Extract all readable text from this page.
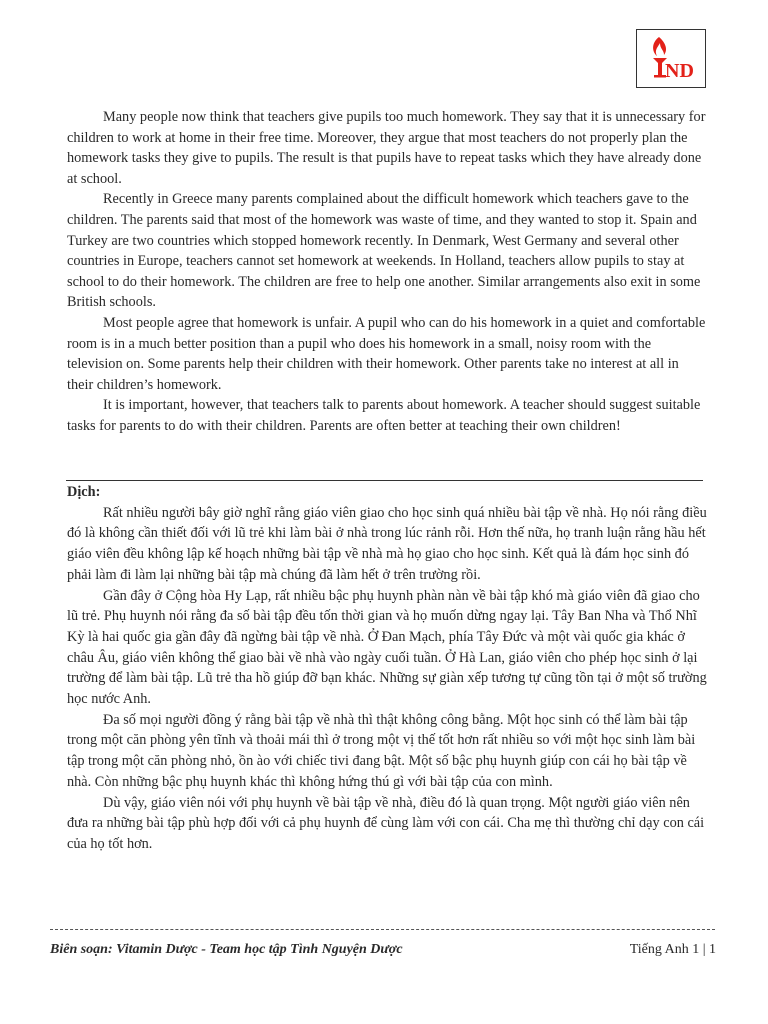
ND

Many people now think that teachers give pupils too much homework. They say that it is unnecessary for children to work at home in their free time. Moreover, they argue that most teachers do not properly plan the homework tasks they give to pupils. The result is that pupils have to repeat tasks which they have already done at school.

Recently in Greece many parents complained about the difficult homework which teachers gave to the children. The parents said that most of the homework was waste of time, and they wanted to stop it. Spain and Turkey are two countries which stopped homework recently. In Denmark, West Germany and several other countries in Europe, teachers cannot set homework at weekends. In Holland, teachers allow pupils to stay at school to do their homework. The children are free to help one another. Similar arrangements also exit in some British schools.

Most people agree that homework is unfair. A pupil who can do his homework in a quiet and comfortable room is in a much better position than a pupil who does his homework in a small, noisy room with the television on. Some parents help their children with their homework. Other parents take no interest at all in their children’s homework.

It is important, however, that teachers talk to parents about homework. A teacher should suggest suitable tasks for parents to do with their children. Parents are often better at teaching their own children!

Dịch:

Rất nhiều người bây giờ nghĩ rằng giáo viên giao cho học sinh quá nhiều bài tập về nhà. Họ nói rằng điều đó là không cần thiết đối với lũ trẻ khi làm bài ở nhà trong lúc rảnh rỗi. Hơn thế nữa, họ tranh luận rằng hầu hết giáo viên đều không lập kế hoạch những bài tập về nhà mà họ giao cho học sinh. Kết quả là đám học sinh đó phải làm đi làm lại những bài tập mà chúng đã làm hết ở trên trường rồi.

Gần đây ở Cộng hòa Hy Lạp, rất nhiều bậc phụ huynh phàn nàn về bài tập khó mà giáo viên đã giao cho lũ trẻ. Phụ huynh nói rằng đa số bài tập đều tốn thời gian và họ muốn dừng ngay lại. Tây Ban Nha và Thổ Nhĩ Kỳ là hai quốc gia gần đây đã ngừng bài tập về nhà. Ở Đan Mạch, phía Tây Đức và một vài quốc gia khác ở châu Âu, giáo viên không thể giao bài về nhà vào ngày cuối tuần. Ở Hà Lan, giáo viên cho phép học sinh ở lại trường để làm bài tập. Lũ trẻ tha hồ giúp đỡ bạn khác. Những sự giàn xếp tương tự cũng tồn tại ở một số trường học nước Anh.

Đa số mọi người đồng ý rằng bài tập về nhà thì thật không công bằng. Một học sinh có thể làm bài tập trong một căn phòng yên tĩnh và thoải mái thì ở trong một vị thế tốt hơn rất nhiều so với một học sinh làm bài tập trong một căn phòng nhỏ, ồn ào với chiếc tivi đang bật. Một số bậc phụ huynh giúp con cái họ bài tập về nhà. Còn những bậc phụ huynh khác thì không hứng thú gì với bài tập của con mình.

Dù vậy, giáo viên nói với phụ huynh về bài tập về nhà, điều đó là quan trọng. Một người giáo viên nên đưa ra những bài tập phù hợp đối với cả phụ huynh để cùng làm với con cái. Cha mẹ thì thường chỉ dạy con cái của họ tốt hơn.

Biên soạn: Vitamin Dược - Team học tập Tình Nguyện Dược	Tiếng Anh 1 | 1
